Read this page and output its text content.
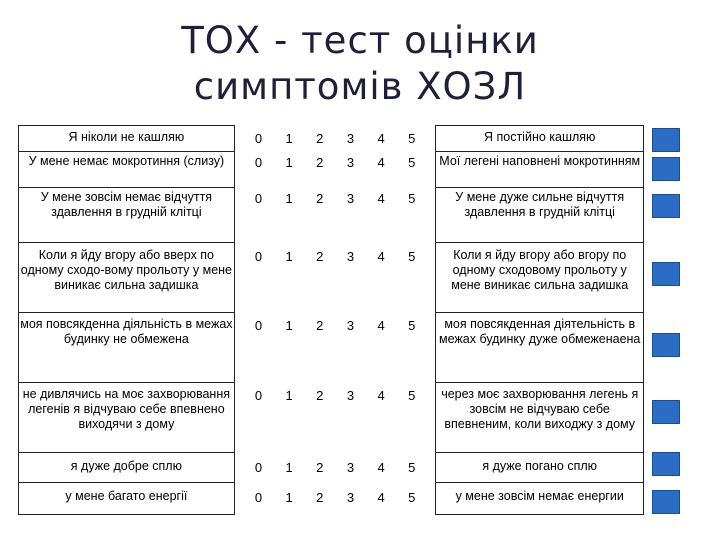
ТОХ - тест оцінки
симптомів ХОЗЛ
Я ніколи не кашляю		0	1	2	3	4	5		Я постійно кашляю
У мене немає мокротиння (слизу)		0	1	2	3	4	5		Мої легені наповнені мокротинням
У мене зовсім немає відчуття здавлення в грудній клітці		0	1	2	3	4	5		У мене дуже сильне відчуття здавлення в грудній клітці
Коли я йду вгору або вверх по одному сходо-вому прольоту у мене виникає сильна задишка		0	1	2	3	4	5		Коли я йду вгору або вгору по одному сходовому прольоту у мене виникає сильна задишка
моя повсякденна діяльність в межах будинку не обмежена		0	1	2	3	4	5		моя повсякденная діятельність в межах будинку дуже обмеженаена
не дивлячись на моє захворювання легенів я відчуваю себе впевнено виходячи з дому		0	1	2	3	4	5		через моє захворювання легень я зовсім не відчуваю себе впевненим, коли виходжу з дому
я дуже добре сплю		0	1	2	3	4	5		я дуже погано сплю
у мене багато енергії		0	1	2	3	4	5		у мене зовсім немає енергии
